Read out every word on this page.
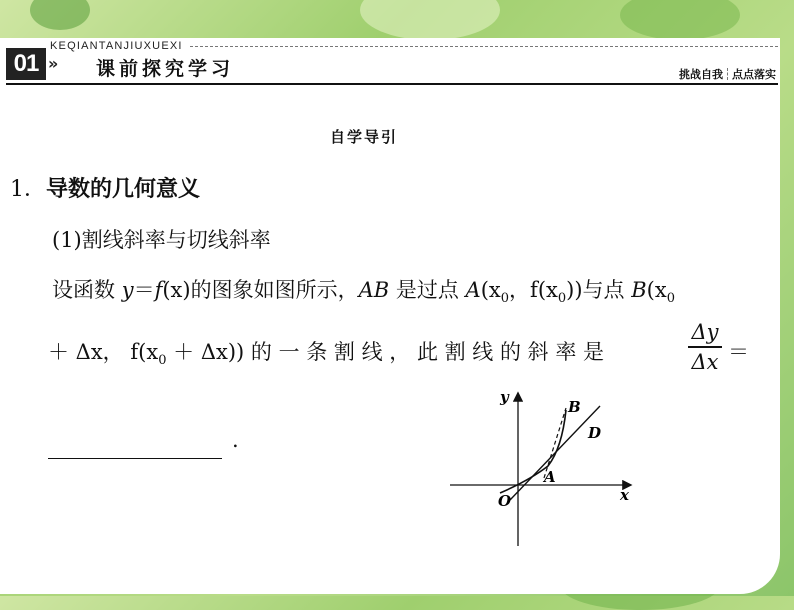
01
KEQIANTANJIUXUEXI
» 课前探究学习	挑战自我 点点落实
自学导引
1．导数的几何意义
(1)割线斜率与切线斜率
设函数 y＝f(x)的图象如图所示，AB 是过点 $A(x_0$，$f(x_0)$)与点 $B(x_0$
＋ Δx， $f(x_0 + \Delta x)$) 的 一 条 割 线 ， 此 割 线 的 斜 率 是
Δy
Δx ＝
.
y
x
O
A
B
D
